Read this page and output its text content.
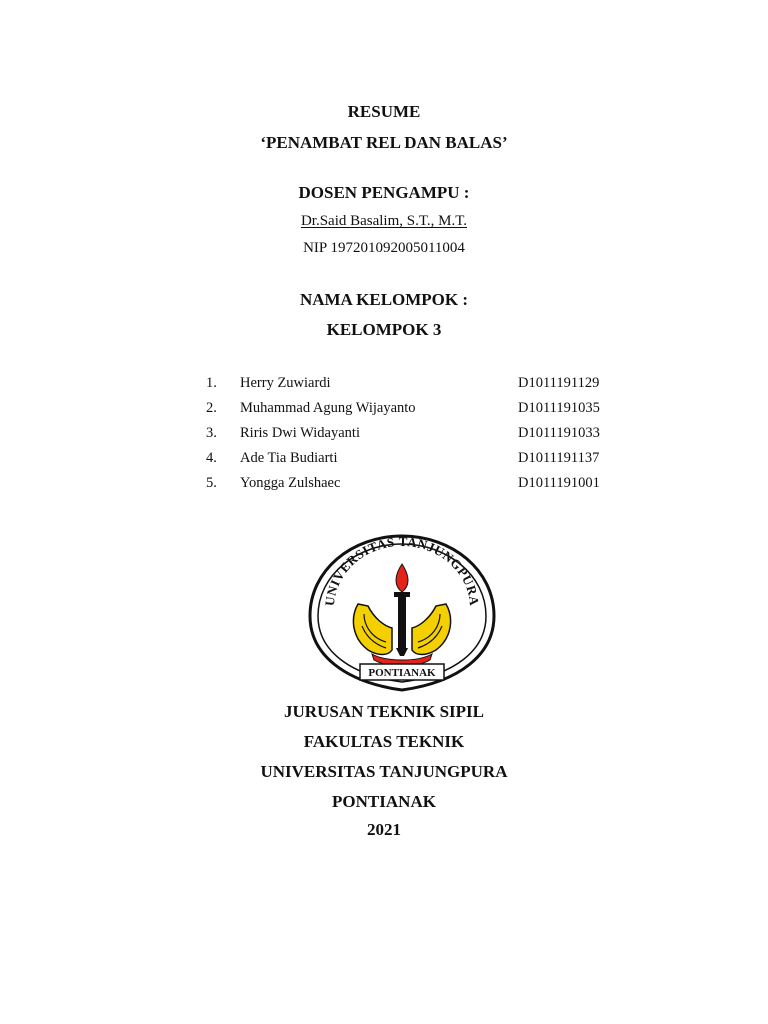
RESUME
‘PENAMBAT REL DAN BALAS’
DOSEN PENGAMPU :
Dr.Said Basalim, S.T., M.T.
NIP 197201092005011004
NAMA KELOMPOK :
KELOMPOK 3
1. Herry Zuwiardi	D1011191129
2. Muhammad Agung Wijayanto	D1011191035
3. Riris Dwi Widayanti	D1011191033
4. Ade Tia Budiarti	D1011191137
5. Yongga Zulshaec	D1011191001
UNIVERSITAS TANJUNGPURA
PONTIANAK
JURUSAN TEKNIK SIPIL
FAKULTAS TEKNIK
UNIVERSITAS TANJUNGPURA
PONTIANAK
2021
